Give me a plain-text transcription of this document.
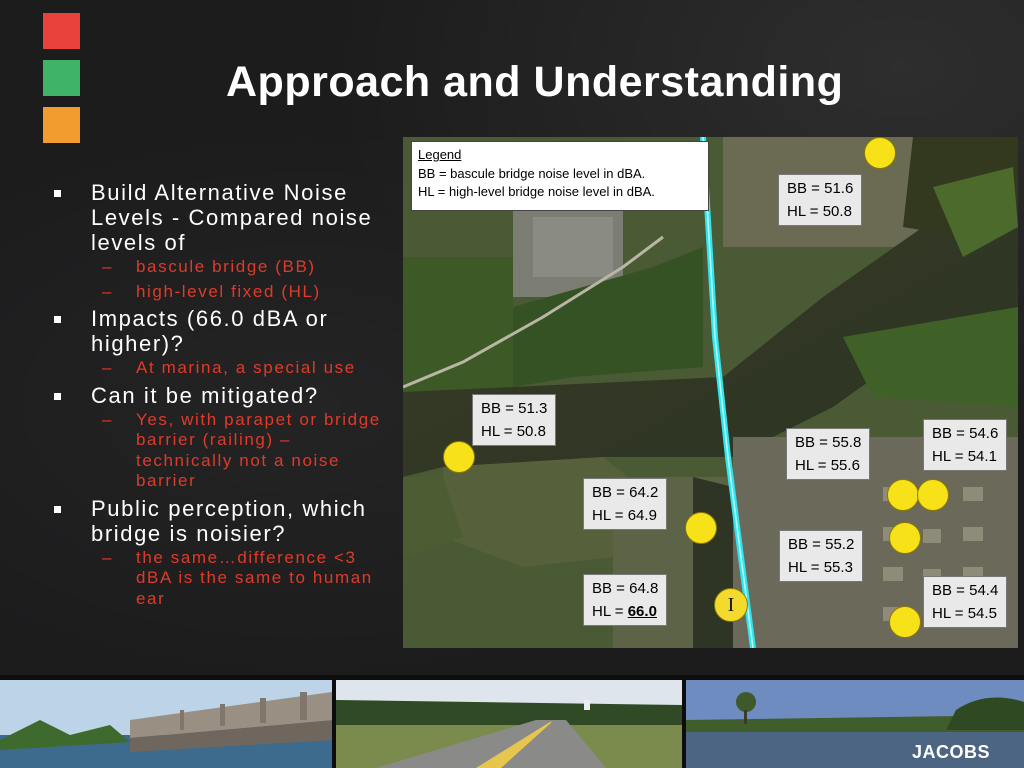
Approach and Understanding
Build Alternative Noise Levels - Compared noise levels of
– bascule bridge (BB)
– high-level fixed (HL)
Impacts (66.0 dBA or higher)?
– At marina, a special use
Can it be mitigated?
– Yes, with parapet or bridge barrier (railing) – technically not a noise barrier
Public perception, which bridge is noisier?
– the same…difference <3 dBA is the same to human ear
Legend
BB = bascule bridge noise level in dBA.
HL = high-level bridge noise level in dBA.	BB = 51.6
HL = 50.8
BB = 51.3
HL = 50.8
BB = 55.8
HL = 55.6
BB = 54.6
HL = 54.1
BB = 64.2
HL = 64.9
BB = 55.2
HL = 55.3
BB = 64.8
HL = 66.0
BB = 54.4
HL = 54.5
I
JACOBS
